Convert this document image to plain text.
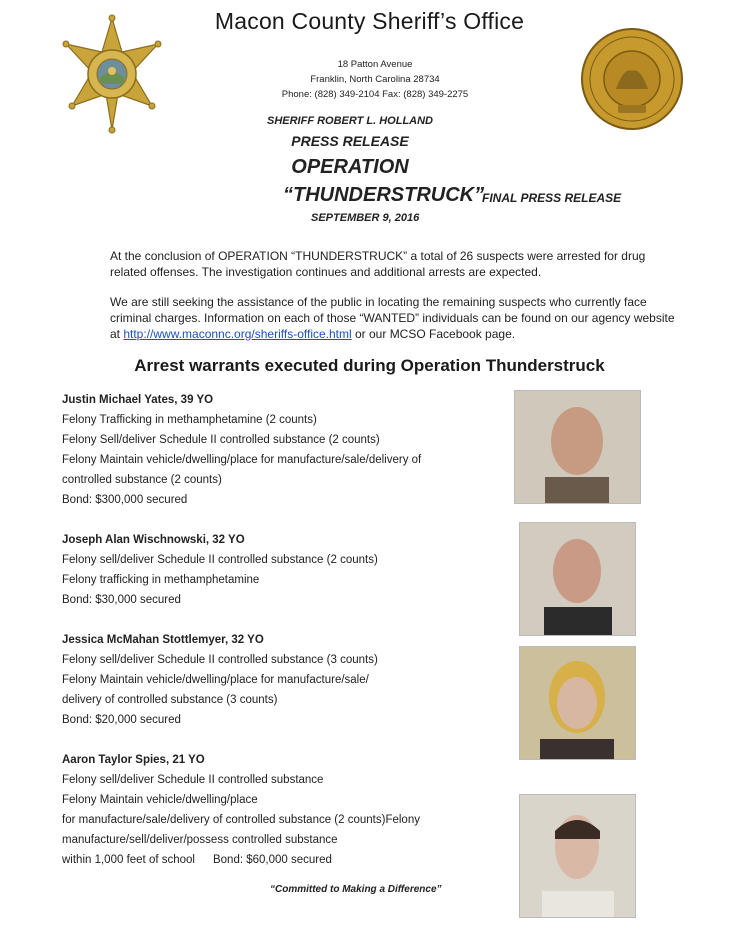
Macon County Sheriff’s Office
18 Patton Avenue
Franklin, North Carolina 28734
Phone: (828) 349-2104 Fax: (828) 349-2275
SHERIFF ROBERT L. HOLLAND
PRESS RELEASE
OPERATION
“THUNDERSTRUCK”
FINAL PRESS RELEASE
SEPTEMBER 9, 2016
At the conclusion of OPERATION “THUNDERSTRUCK” a total of 26 suspects were arrested for drug related offenses. The investigation continues and additional arrests are expected.
We are still seeking the assistance of the public in locating the remaining suspects who currently face criminal charges. Information on each of those “WANTED” individuals can be found on our agency website at http://www.maconnc.org/sheriffs-office.html or our MCSO Facebook page.
Arrest warrants executed during Operation Thunderstruck
Justin Michael Yates, 39 YO
Felony Trafficking in methamphetamine (2 counts)
Felony Sell/deliver Schedule II controlled substance (2 counts)
Felony Maintain vehicle/dwelling/place for manufacture/sale/delivery of
controlled substance (2 counts)
Bond: $300,000 secured
Joseph Alan Wischnowski, 32 YO
Felony sell/deliver Schedule II controlled substance (2 counts)
Felony trafficking in methamphetamine
Bond: $30,000 secured
Jessica McMahan Stottlemyer, 32 YO
Felony sell/deliver Schedule II controlled substance (3 counts)
Felony Maintain vehicle/dwelling/place for manufacture/sale/
delivery of controlled substance (3 counts)
Bond: $20,000 secured
Aaron Taylor Spies, 21 YO
Felony sell/deliver Schedule II controlled substance
Felony Maintain vehicle/dwelling/place
for manufacture/sale/delivery of controlled substance (2 counts)Felony
manufacture/sell/deliver/possess controlled substance
within 1,000 feet of school Bond: $60,000 secured
“Committed to Making a Difference”
